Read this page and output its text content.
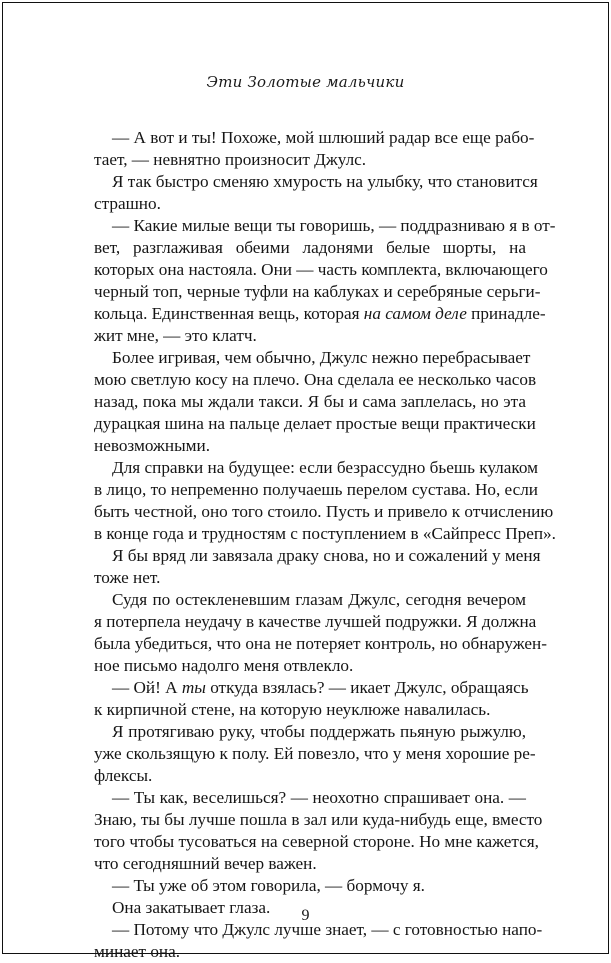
Эти Золотые мальчики
— А вот и ты! Похоже, мой шлюший радар все еще рабо-
тает, — невнятно произносит Джулс.
Я так быстро сменяю хмурость на улыбку, что становится
страшно.
— Какие милые вещи ты говоришь, — поддразниваю я в от-
вет, разглаживая обеими ладонями белые шорты, на
которых она настояла. Они — часть комплекта, включающего
черный топ, черные туфли на каблуках и серебряные серьги-
кольца. Единственная вещь, которая на самом деле принадле-
жит мне, — это клатч.
Более игривая, чем обычно, Джулс нежно перебрасывает
мою светлую косу на плечо. Она сделала ее несколько часов
назад, пока мы ждали такси. Я бы и сама заплелась, но эта
дурацкая шина на пальце делает простые вещи практически
невозможными.
Для справки на будущее: если безрассудно бьешь кулаком
в лицо, то непременно получаешь перелом сустава. Но, если
быть честной, оно того стоило. Пусть и привело к отчислению
в конце года и трудностям с поступлением в «Сайпресс Преп».
Я бы вряд ли завязала драку снова, но и сожалений у меня
тоже нет.
Судя по остекленевшим глазам Джулс, сегодня вечером
я потерпела неудачу в качестве лучшей подружки. Я должна
была убедиться, что она не потеряет контроль, но обнаружен-
ное письмо надолго меня отвлекло.
— Ой! А ты откуда взялась? — икает Джулс, обращаясь
к кирпичной стене, на которую неуклюже навалилась.
Я протягиваю руку, чтобы поддержать пьяную рыжулю,
уже скользящую к полу. Ей повезло, что у меня хорошие ре-
флексы.
— Ты как, веселишься? — неохотно спрашивает она. —
Знаю, ты бы лучше пошла в зал или куда-нибудь еще, вместо
того чтобы тусоваться на северной стороне. Но мне кажется,
что сегодняшний вечер важен.
— Ты уже об этом говорила, — бормочу я.
Она закатывает глаза.
— Потому что Джулс лучше знает, — с готовностью напо-
минает она.
9
